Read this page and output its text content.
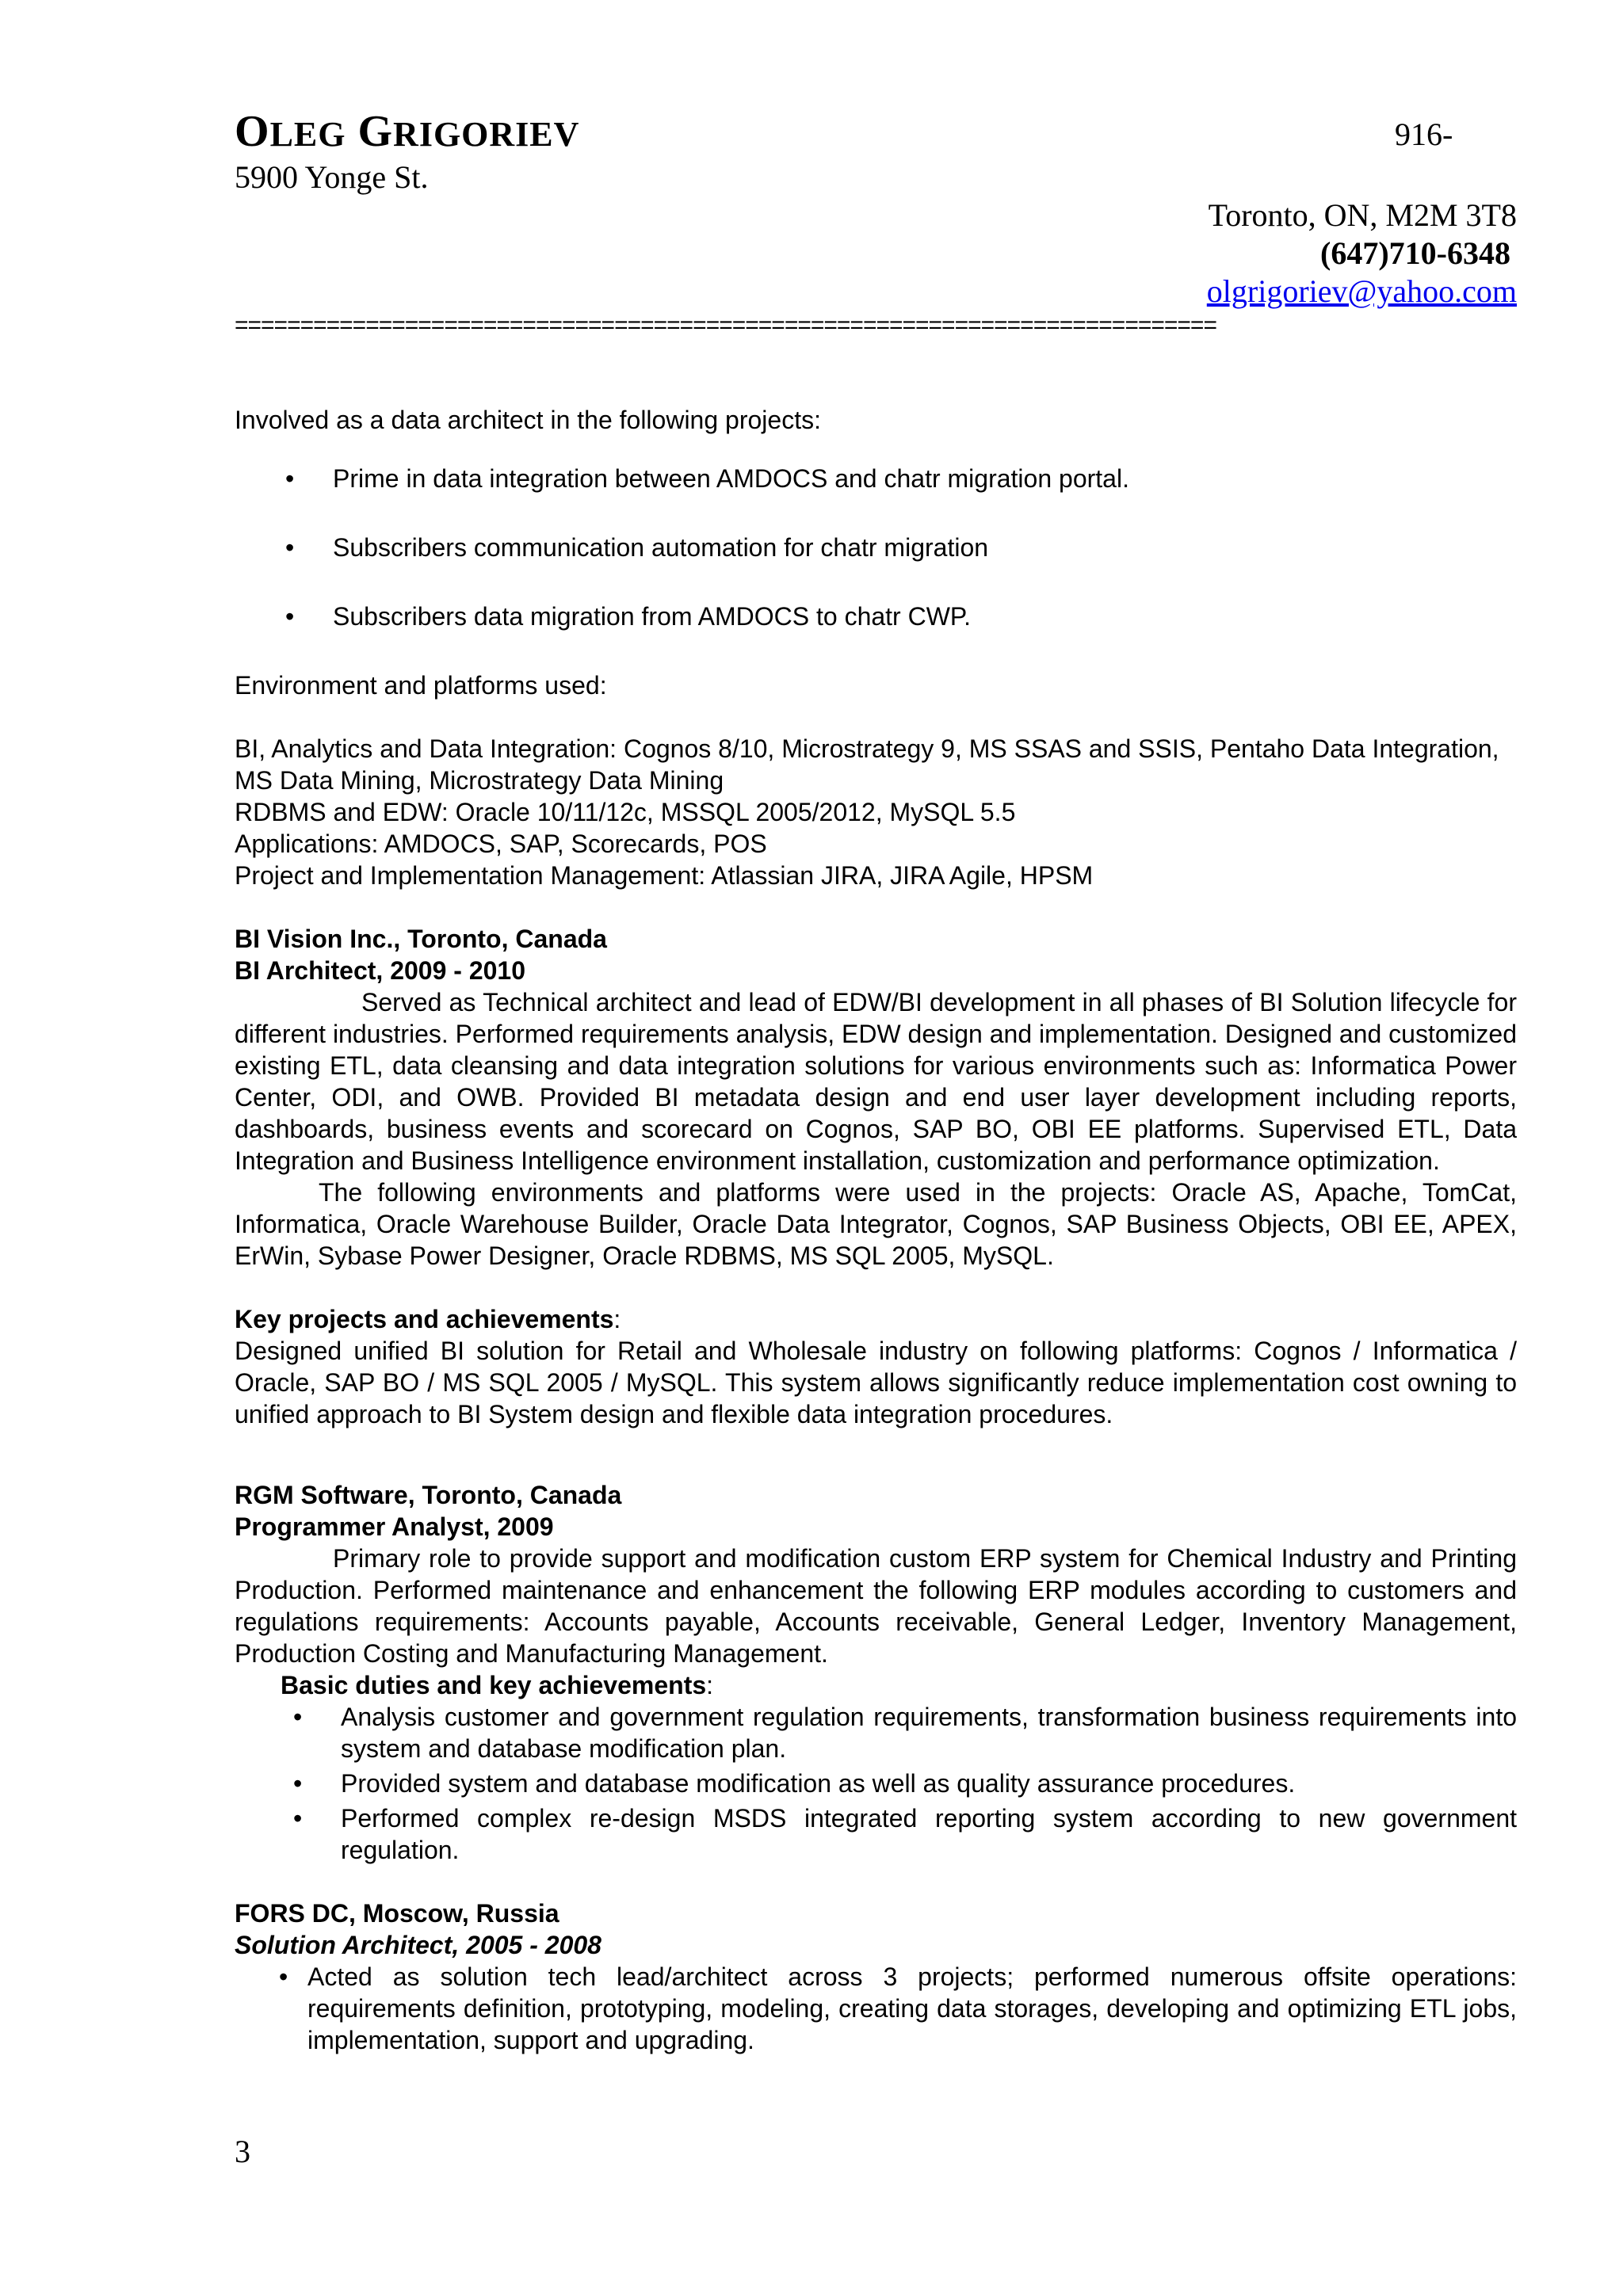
OLEG GRIGORIEV	916-
5900 Yonge St.
Toronto, ON, M2M 3T8
(647)710-6348
olgrigoriev@yahoo.com
===========================================================================

Involved as a data architect in the following projects:

• Prime in data integration between AMDOCS and chatr migration portal.
• Subscribers communication automation for chatr migration
• Subscribers data migration from AMDOCS to chatr CWP.

Environment and platforms used:

BI, Analytics and Data Integration: Cognos 8/10, Microstrategy 9, MS SSAS and SSIS, Pentaho Data Integration, MS Data Mining, Microstrategy Data Mining

RDBMS and EDW: Oracle 10/11/12c, MSSQL 2005/2012, MySQL 5.5

Applications: AMDOCS, SAP, Scorecards, POS

Project and Implementation Management: Atlassian JIRA, JIRA Agile, HPSM

BI Vision Inc., Toronto, Canada

BI Architect, 2009 - 2010

Served as Technical architect and lead of EDW/BI development in all phases of BI Solution lifecycle for different industries. Performed requirements analysis, EDW design and implementation. Designed and customized existing ETL, data cleansing and data integration solutions for various environments such as: Informatica Power Center, ODI, and OWB. Provided BI metadata design and end user layer development including reports, dashboards, business events and scorecard on Cognos, SAP BO, OBI EE platforms. Supervised ETL, Data Integration and Business Intelligence environment installation, customization and performance optimization.

The following environments and platforms were used in the projects: Oracle AS, Apache, TomCat, Informatica, Oracle Warehouse Builder, Oracle Data Integrator, Cognos, SAP Business Objects, OBI EE, APEX, ErWin, Sybase Power Designer, Oracle RDBMS, MS SQL 2005, MySQL.

Key projects and achievements:

Designed unified BI solution for Retail and Wholesale industry on following platforms: Cognos / Informatica / Oracle, SAP BO / MS SQL 2005 / MySQL. This system allows significantly reduce implementation cost owning to unified approach to BI System design and flexible data integration procedures.

RGM Software, Toronto, Canada

Programmer Analyst, 2009

Primary role to provide support and modification custom ERP system for Chemical Industry and Printing Production. Performed maintenance and enhancement the following ERP modules according to customers and regulations requirements: Accounts payable, Accounts receivable, General Ledger, Inventory Management, Production Costing and Manufacturing Management.

Basic duties and key achievements:

• Analysis customer and government regulation requirements, transformation business requirements into system and database modification plan.
• Provided system and database modification as well as quality assurance procedures.
• Performed complex re-design MSDS integrated reporting system according to new government regulation.

FORS DC, Moscow, Russia

Solution Architect, 2005 - 2008

• Acted as solution tech lead/architect across 3 projects; performed numerous offsite operations: requirements definition, prototyping, modeling, creating data storages, developing and optimizing ETL jobs, implementation, support and upgrading.
3
